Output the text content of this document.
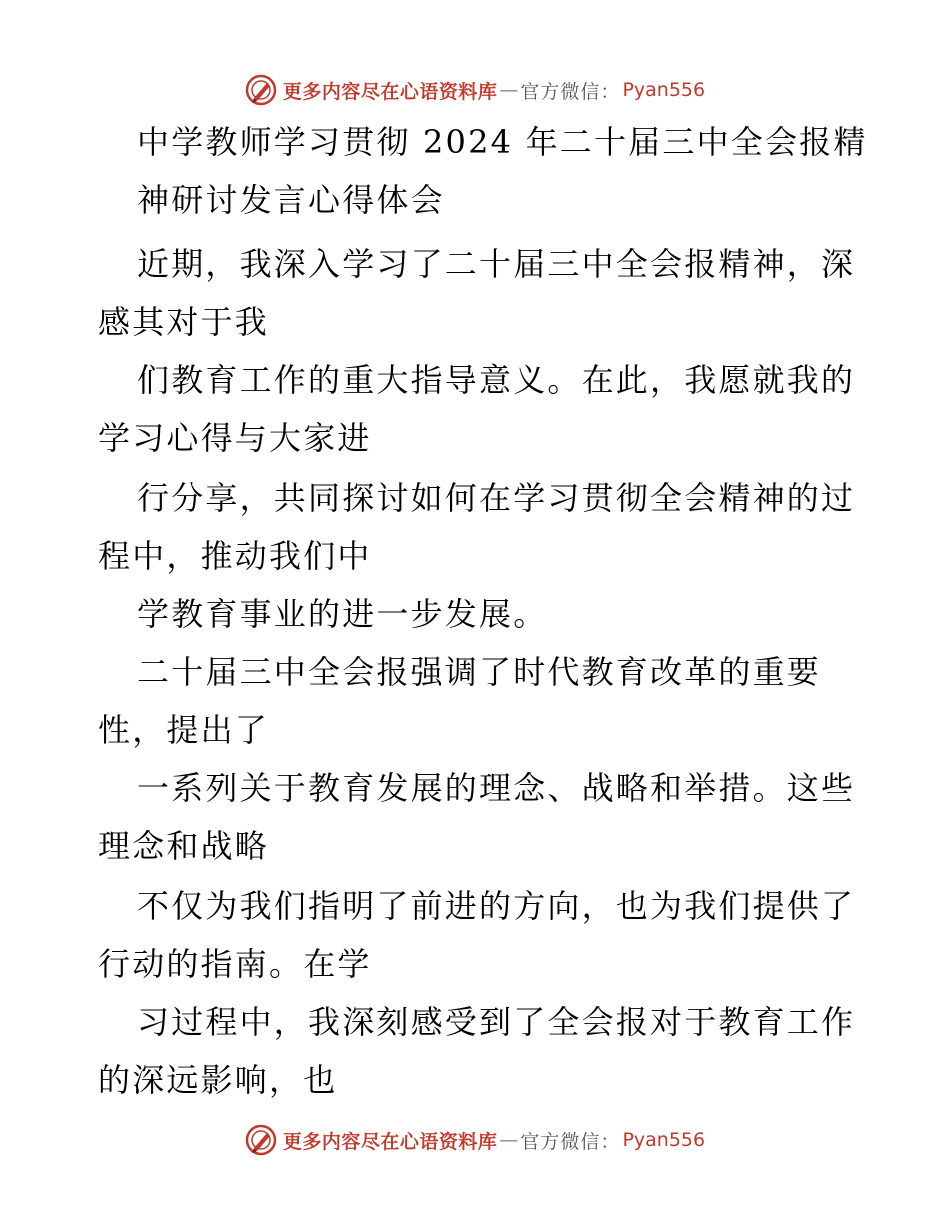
更多内容尽在心语资料库 — 官方微信： Pyan556
中学教师学习贯彻 2024 年二十届三中全会报精
神研讨发言心得体会
近期，我深入学习了二十届三中全会报精神，深
感其对于我
们教育工作的重大指导意义。在此，我愿就我的
学习心得与大家进
行分享，共同探讨如何在学习贯彻全会精神的过
程中，推动我们中
学教育事业的进一步发展。
二十届三中全会报强调了时代教育改革的重要
性，提出了
一系列关于教育发展的理念、战略和举措。这些
理念和战略
不仅为我们指明了前进的方向，也为我们提供了
行动的指南。在学
习过程中，我深刻感受到了全会报对于教育工作
的深远影响，也
更多内容尽在心语资料库 — 官方微信： Pyan556
